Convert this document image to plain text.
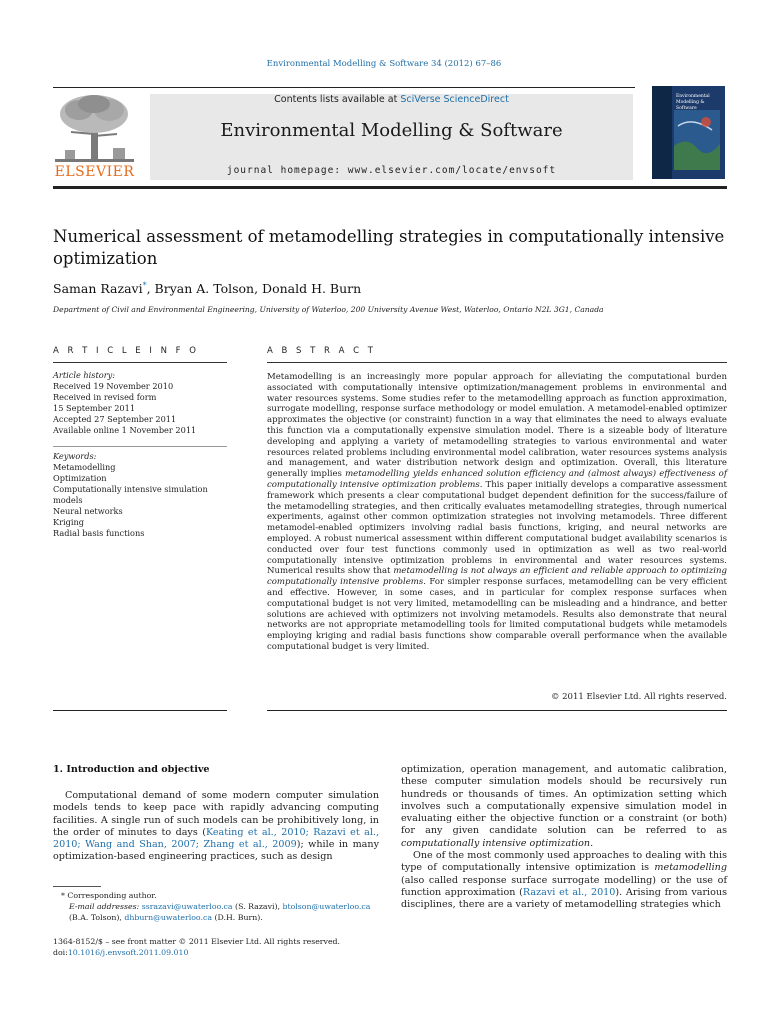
Environmental Modelling & Software 34 (2012) 67–86
ELSEVIER
Contents lists available at SciVerse ScienceDirect
Environmental Modelling & Software
journal homepage: www.elsevier.com/locate/envsoft
Environmental Modelling & Software
Numerical assessment of metamodelling strategies in computationally intensive optimization
Saman Razavi*, Bryan A. Tolson, Donald H. Burn
Department of Civil and Environmental Engineering, University of Waterloo, 200 University Avenue West, Waterloo, Ontario N2L 3G1, Canada
A R T I C L E I N F O	A B S T R A C T
Article history:
Received 19 November 2010
Received in revised form
15 September 2011
Accepted 27 September 2011
Available online 1 November 2011
Keywords:
Metamodelling
Optimization
Computationally intensive simulation
models
Neural networks
Kriging
Radial basis functions
Metamodelling is an increasingly more popular approach for alleviating the computational burden associated with computationally intensive optimization/management problems in environmental and water resources systems. Some studies refer to the metamodelling approach as function approximation, surrogate modelling, response surface methodology or model emulation. A metamodel-enabled optimizer approximates the objective (or constraint) function in a way that eliminates the need to always evaluate this function via a computationally expensive simulation model. There is a sizeable body of literature developing and applying a variety of metamodelling strategies to various environmental and water resources related problems including environmental model calibration, water resources systems analysis and management, and water distribution network design and optimization. Overall, this literature generally implies metamodelling yields enhanced solution efficiency and (almost always) effectiveness of computationally intensive optimization problems. This paper initially develops a comparative assessment framework which presents a clear computational budget dependent definition for the success/failure of the metamodelling strategies, and then critically evaluates metamodelling strategies, through numerical experiments, against other common optimization strategies not involving metamodels. Three different metamodel-enabled optimizers involving radial basis functions, kriging, and neural networks are employed. A robust numerical assessment within different computational budget availability scenarios is conducted over four test functions commonly used in optimization as well as two real-world computationally intensive optimization problems in environmental and water resources systems. Numerical results show that metamodelling is not always an efficient and reliable approach to optimizing computationally intensive problems. For simpler response surfaces, metamodelling can be very efficient and effective. However, in some cases, and in particular for complex response surfaces when computational budget is not very limited, metamodelling can be misleading and a hindrance, and better solutions are achieved with optimizers not involving metamodels. Results also demonstrate that neural networks are not appropriate metamodelling tools for limited computational budgets while metamodels employing kriging and radial basis functions show comparable overall performance when the available computational budget is very limited.
© 2011 Elsevier Ltd. All rights reserved.
1. Introduction and objective
Computational demand of some modern computer simulation models tends to keep pace with rapidly advancing computing facilities. A single run of such models can be prohibitively long, in the order of minutes to days (Keating et al., 2010; Razavi et al., 2010; Wang and Shan, 2007; Zhang et al., 2009); while in many optimization-based engineering practices, such as design

optimization, operation management, and automatic calibration, these computer simulation models should be recursively run hundreds or thousands of times. An optimization setting which involves such a computationally expensive simulation model in evaluating either the objective function or a constraint (or both) for any given candidate solution can be referred to as computationally intensive optimization.

One of the most commonly used approaches to dealing with this type of computationally intensive optimization is metamodelling (also called response surface surrogate modelling) or the use of function approximation (Razavi et al., 2010). Arising from various disciplines, there are a variety of metamodelling strategies which

* Corresponding author.
E-mail addresses: ssrazavi@uwaterloo.ca (S. Razavi), btolson@uwaterloo.ca
(B.A. Tolson), dhburn@uwaterloo.ca (D.H. Burn).
1364-8152/$ – see front matter © 2011 Elsevier Ltd. All rights reserved.
doi:10.1016/j.envsoft.2011.09.010
